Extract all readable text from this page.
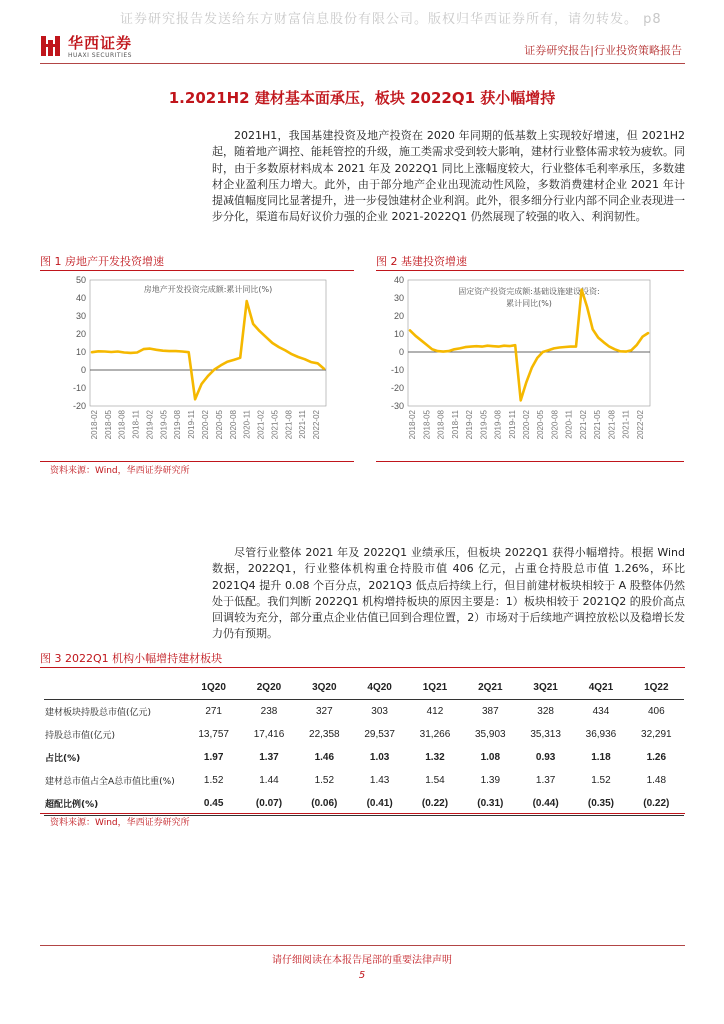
证券研究报告发送给东方财富信息股份有限公司。版权归华西证券所有，请勿转发。 p8
华西证券
HUAXI SECURITIES	证券研究报告|行业投资策略报告
1.2021H2 建材基本面承压，板块 2022Q1 获小幅增持
2021H1，我国基建投资及地产投资在 2020 年同期的低基数上实现较好增速，但 2021H2 起，随着地产调控、能耗管控的升级，施工类需求受到较大影响，建材行业整体需求较为疲软。同时，由于多数原材料成本 2021 年及 2022Q1 同比上涨幅度较大，行业整体毛利率承压，多数建材企业盈利压力增大。此外，由于部分地产企业出现流动性风险，多数消费建材企业 2021 年计提减值幅度同比显著提升，进一步侵蚀建材企业利润。此外，很多细分行业内部不同企业表现进一步分化，渠道布局好议价力强的企业 2021-2022Q1 仍然展现了较强的收入、利润韧性。
图 1 房地产开发投资增速
50
40
30
20
10
0
-10
-20
房地产开发投资完成额:累计同比(%)
2018-02 2018-05 2018-08 2018-11 2019-02 2019-05 2019-08 2019-11 2020-02 2020-05 2020-08 2020-11 2021-02 2021-05 2021-08 2021-11 2022-02
图 2 基建投资增速
40
30
20
10
0
-10
-20
-30
固定资产投资完成额:基础设施建设投资:
累计同比(%)
2018-02 2018-05 2018-08 2018-11 2019-02 2019-05 2019-08 2019-11 2020-02 2020-05 2020-08 2020-11 2021-02 2021-05 2021-08 2021-11 2022-02
资料来源：Wind，华西证券研究所
尽管行业整体 2021 年及 2022Q1 业绩承压，但板块 2022Q1 获得小幅增持。根据 Wind 数据，2022Q1，行业整体机构重仓持股市值 406 亿元，占重仓持股总市值 1.26%，环比 2021Q4 提升 0.08 个百分点，2021Q3 低点后持续上行，但目前建材板块相较于 A 股整体仍然处于低配。我们判断 2022Q1 机构增持板块的原因主要是：1）板块相较于 2021Q2 的股价高点回调较为充分，部分重点企业估值已回到合理位置，2）市场对于后续地产调控放松以及稳增长发力仍有预期。
图 3 2022Q1 机构小幅增持建材板块
	1Q20	2Q20	3Q20	4Q20	1Q21	2Q21	3Q21	4Q21	1Q22
建材板块持股总市值(亿元)	271	238	327	303	412	387	328	434	406
持股总市值(亿元)	13,757	17,416	22,358	29,537	31,266	35,903	35,313	36,936	32,291
占比(%)	1.97	1.37	1.46	1.03	1.32	1.08	0.93	1.18	1.26
建材总市值占全A总市值比重(%)	1.52	1.44	1.52	1.43	1.54	1.39	1.37	1.52	1.48
超配比例(%)	0.45	(0.07)	(0.06)	(0.41)	(0.22)	(0.31)	(0.44)	(0.35)	(0.22)
资料来源：Wind，华西证券研究所
请仔细阅读在本报告尾部的重要法律声明
5
